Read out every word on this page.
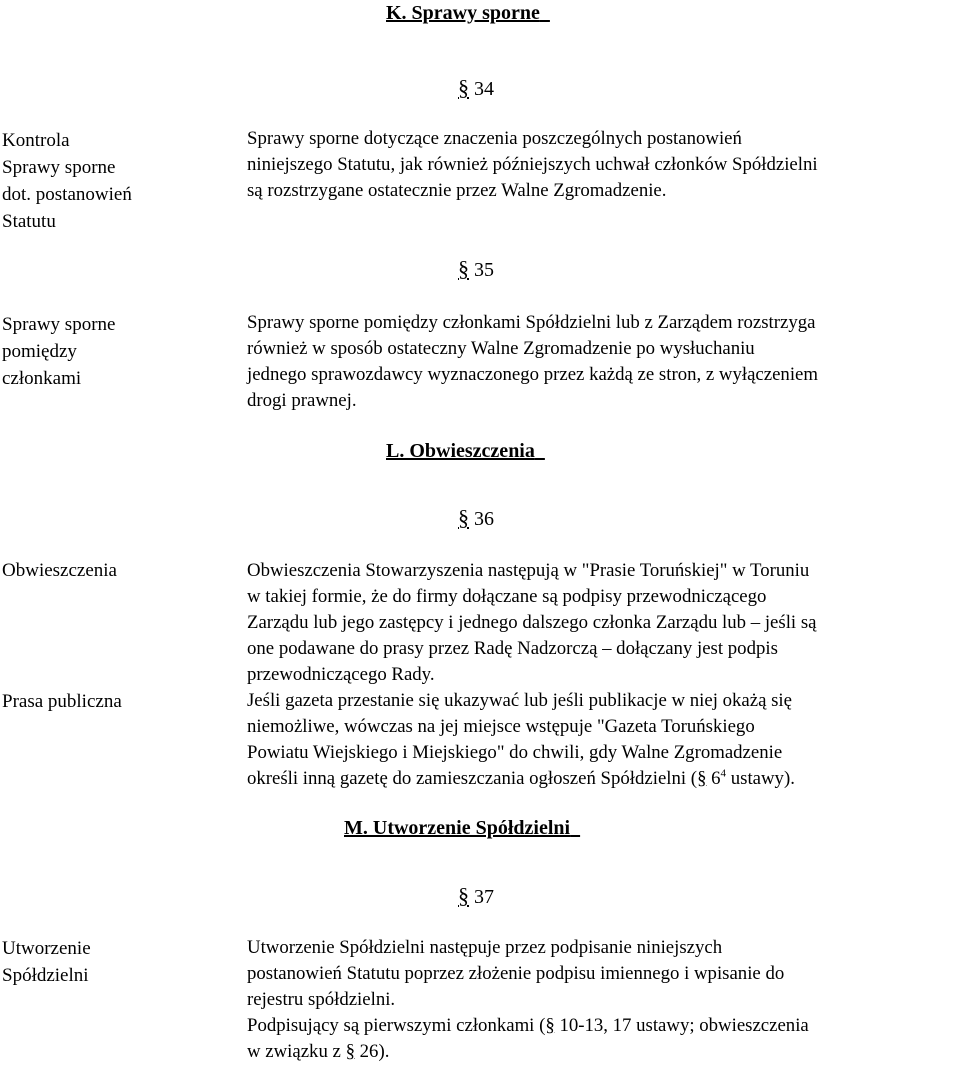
K. Sprawy sporne
§ 34
Kontrola
Sprawy sporne
dot. postanowień
Statutu

Sprawy sporne dotyczące znaczenia poszczególnych postanowień

niniejszego Statutu, jak również późniejszych uchwał członków Spółdzielni

są rozstrzygane ostatecznie przez Walne Zgromadzenie.

§ 35
Sprawy sporne
pomiędzy
członkami

Sprawy sporne pomiędzy członkami Spółdzielni lub z Zarządem rozstrzyga

również w sposób ostateczny Walne Zgromadzenie po wysłuchaniu

jednego sprawozdawcy wyznaczonego przez każdą ze stron, z wyłączeniem

drogi prawnej.

L. Obwieszczenia
§ 36
Obwieszczenia
Prasa publiczna

Obwieszczenia Stowarzyszenia następują w "Prasie Toruńskiej" w Toruniu

w takiej formie, że do firmy dołączane są podpisy przewodniczącego

Zarządu lub jego zastępcy i jednego dalszego członka Zarządu lub – jeśli są

one podawane do prasy przez Radę Nadzorczą – dołączany jest podpis

przewodniczącego Rady.

Jeśli gazeta przestanie się ukazywać lub jeśli publikacje w niej okażą się

niemożliwe, wówczas na jej miejsce wstępuje "Gazeta Toruńskiego

Powiatu Wiejskiego i Miejskiego" do chwili, gdy Walne Zgromadzenie

określi inną gazetę do zamieszczania ogłoszeń Spółdzielni (§ $6^4$ ustawy).

M. Utworzenie Spółdzielni
§ 37
Utworzenie
Spółdzielni

Utworzenie Spółdzielni następuje przez podpisanie niniejszych

postanowień Statutu poprzez złożenie podpisu imiennego i wpisanie do

rejestru spółdzielni.

Podpisujący są pierwszymi członkami (§ 10-13, 17 ustawy; obwieszczenia

w związku z § 26).
